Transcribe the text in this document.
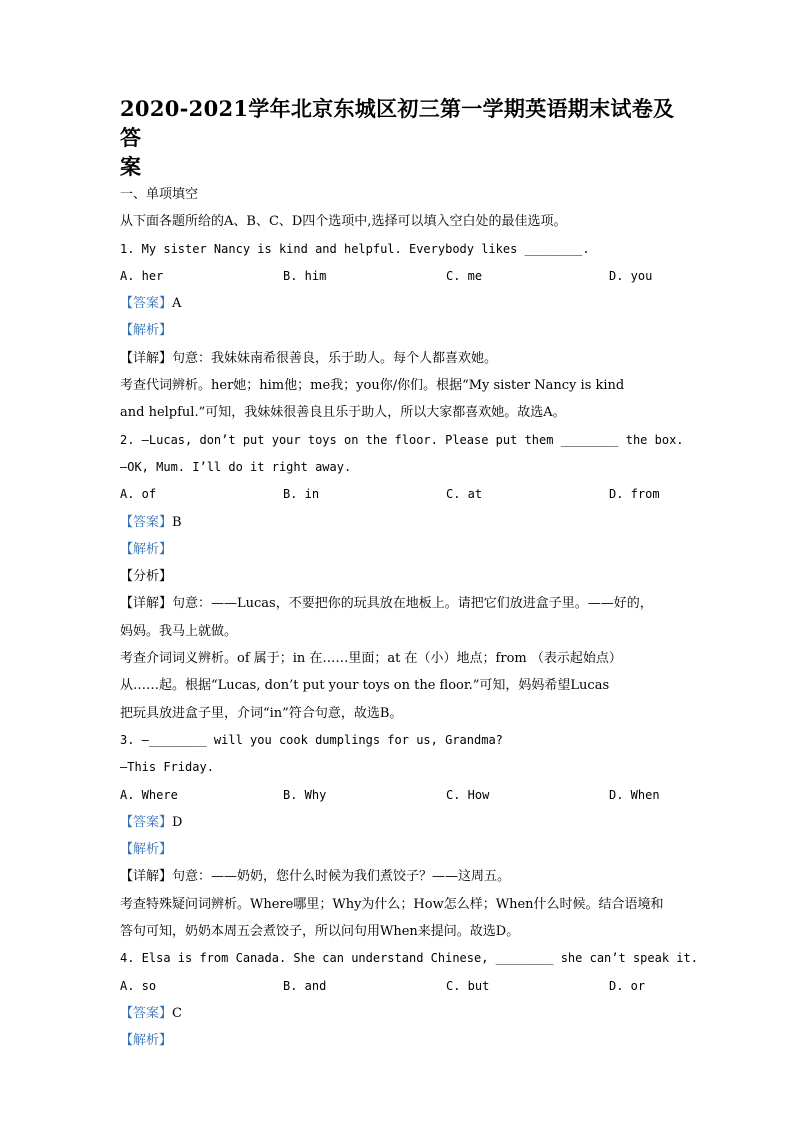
2020-2021学年北京东城区初三第一学期英语期末试卷及答
案
一、单项填空
从下面各题所给的A、B、C、D四个选项中,选择可以填入空白处的最佳选项。
1. My sister Nancy is kind and helpful. Everybody likes ________.
A. her	B. him	C. me	D. you
【答案】A
【解析】
【详解】句意：我妹妹南希很善良，乐于助人。每个人都喜欢她。
考查代词辨析。her她；him他；me我；you你/你们。根据“My sister Nancy is kind
and helpful.”可知，我妹妹很善良且乐于助人，所以大家都喜欢她。故选A。
2. —Lucas, don’t put your toys on the floor. Please put them ________ the box.
—OK, Mum. I’ll do it right away.
A. of	B. in	C. at	D. from
【答案】B
【解析】
【分析】
【详解】句意：——Lucas，不要把你的玩具放在地板上。请把它们放进盒子里。——好的，
妈妈。我马上就做。
考查介词词义辨析。of 属于；in 在……里面；at 在（小）地点；from （表示起始点）
从……起。根据“Lucas, don’t put your toys on the floor.”可知，妈妈希望Lucas
把玩具放进盒子里，介词“in”符合句意，故选B。
3. —________ will you cook dumplings for us, Grandma?
—This Friday.
A. Where	B. Why	C. How	D. When
【答案】D
【解析】
【详解】句意：——奶奶，您什么时候为我们煮饺子？——这周五。
考查特殊疑问词辨析。Where哪里；Why为什么；How怎么样；When什么时候。结合语境和
答句可知，奶奶本周五会煮饺子，所以问句用When来提问。故选D。
4. Elsa is from Canada. She can understand Chinese, ________ she can’t speak it.
A. so	B. and	C. but	D. or
【答案】C
【解析】
